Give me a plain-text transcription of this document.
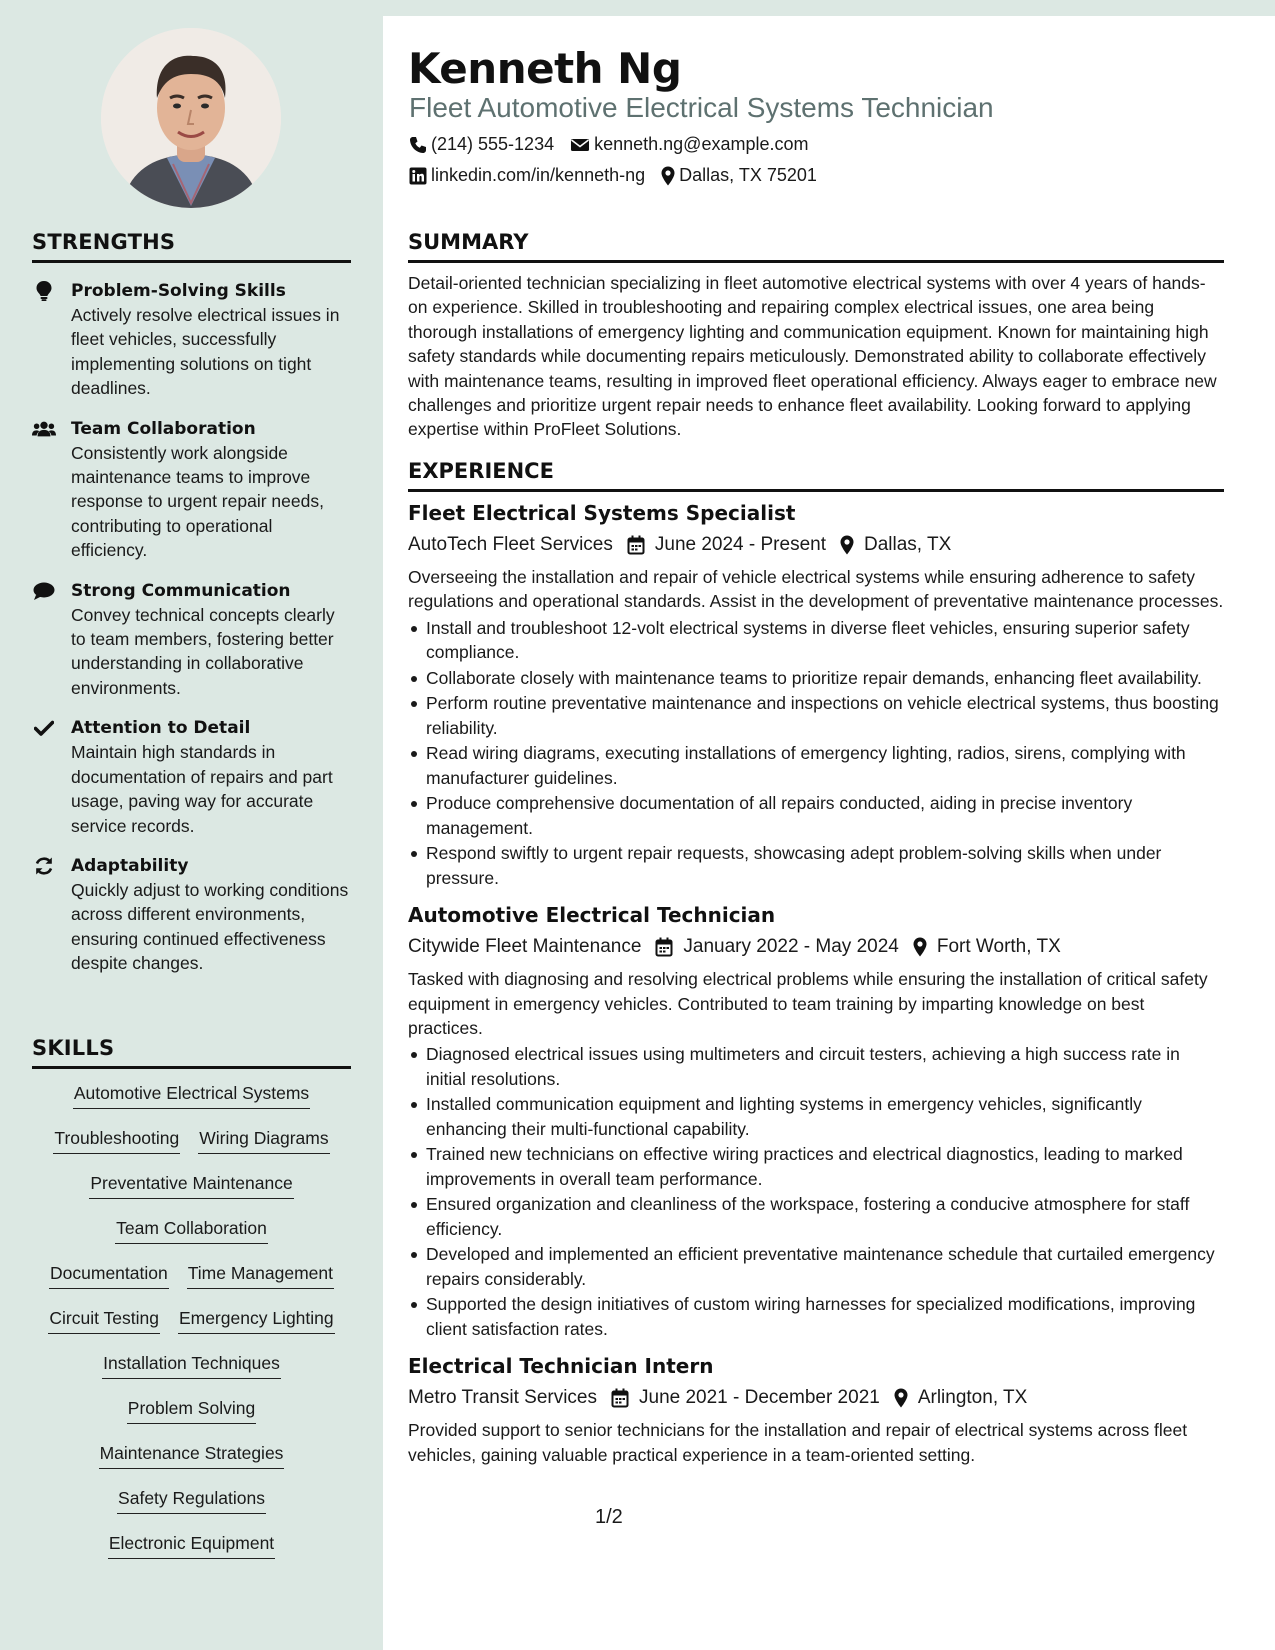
STRENGTHS
Problem-Solving Skills
Actively resolve electrical issues in fleet vehicles, successfully implementing solutions on tight deadlines.
Team Collaboration
Consistently work alongside maintenance teams to improve response to urgent repair needs, contributing to operational efficiency.
Strong Communication
Convey technical concepts clearly to team members, fostering better understanding in collaborative environments.
Attention to Detail
Maintain high standards in documentation of repairs and part usage, paving way for accurate service records.
Adaptability
Quickly adjust to working conditions across different environments, ensuring continued effectiveness despite changes.
SKILLS
Automotive Electrical Systems
Troubleshooting Wiring Diagrams
Preventative Maintenance
Team Collaboration
Documentation Time Management
Circuit Testing Emergency Lighting
Installation Techniques
Problem Solving
Maintenance Strategies
Safety Regulations
Electronic Equipment
Kenneth Ng
Fleet Automotive Electrical Systems Technician
(214) 555-1234 kenneth.ng@example.com
linkedin.com/in/kenneth-ng Dallas, TX 75201
SUMMARY
Detail-oriented technician specializing in fleet automotive electrical systems with over 4 years of hands-on experience. Skilled in troubleshooting and repairing complex electrical issues, one area being thorough installations of emergency lighting and communication equipment. Known for maintaining high safety standards while documenting repairs meticulously. Demonstrated ability to collaborate effectively with maintenance teams, resulting in improved fleet operational efficiency. Always eager to embrace new challenges and prioritize urgent repair needs to enhance fleet availability. Looking forward to applying expertise within ProFleet Solutions.
EXPERIENCE
Fleet Electrical Systems Specialist
AutoTech Fleet Services June 2024 - Present Dallas, TX
Overseeing the installation and repair of vehicle electrical systems while ensuring adherence to safety regulations and operational standards. Assist in the development of preventative maintenance processes.
Install and troubleshoot 12-volt electrical systems in diverse fleet vehicles, ensuring superior safety compliance.
Collaborate closely with maintenance teams to prioritize repair demands, enhancing fleet availability.
Perform routine preventative maintenance and inspections on vehicle electrical systems, thus boosting reliability.
Read wiring diagrams, executing installations of emergency lighting, radios, sirens, complying with manufacturer guidelines.
Produce comprehensive documentation of all repairs conducted, aiding in precise inventory management.
Respond swiftly to urgent repair requests, showcasing adept problem-solving skills when under pressure.
Automotive Electrical Technician
Citywide Fleet Maintenance January 2022 - May 2024 Fort Worth, TX
Tasked with diagnosing and resolving electrical problems while ensuring the installation of critical safety equipment in emergency vehicles. Contributed to team training by imparting knowledge on best practices.
Diagnosed electrical issues using multimeters and circuit testers, achieving a high success rate in initial resolutions.
Installed communication equipment and lighting systems in emergency vehicles, significantly enhancing their multi-functional capability.
Trained new technicians on effective wiring practices and electrical diagnostics, leading to marked improvements in overall team performance.
Ensured organization and cleanliness of the workspace, fostering a conducive atmosphere for staff efficiency.
Developed and implemented an efficient preventative maintenance schedule that curtailed emergency repairs considerably.
Supported the design initiatives of custom wiring harnesses for specialized modifications, improving client satisfaction rates.
Electrical Technician Intern
Metro Transit Services June 2021 - December 2021 Arlington, TX
Provided support to senior technicians for the installation and repair of electrical systems across fleet vehicles, gaining valuable practical experience in a team-oriented setting.
1/2
